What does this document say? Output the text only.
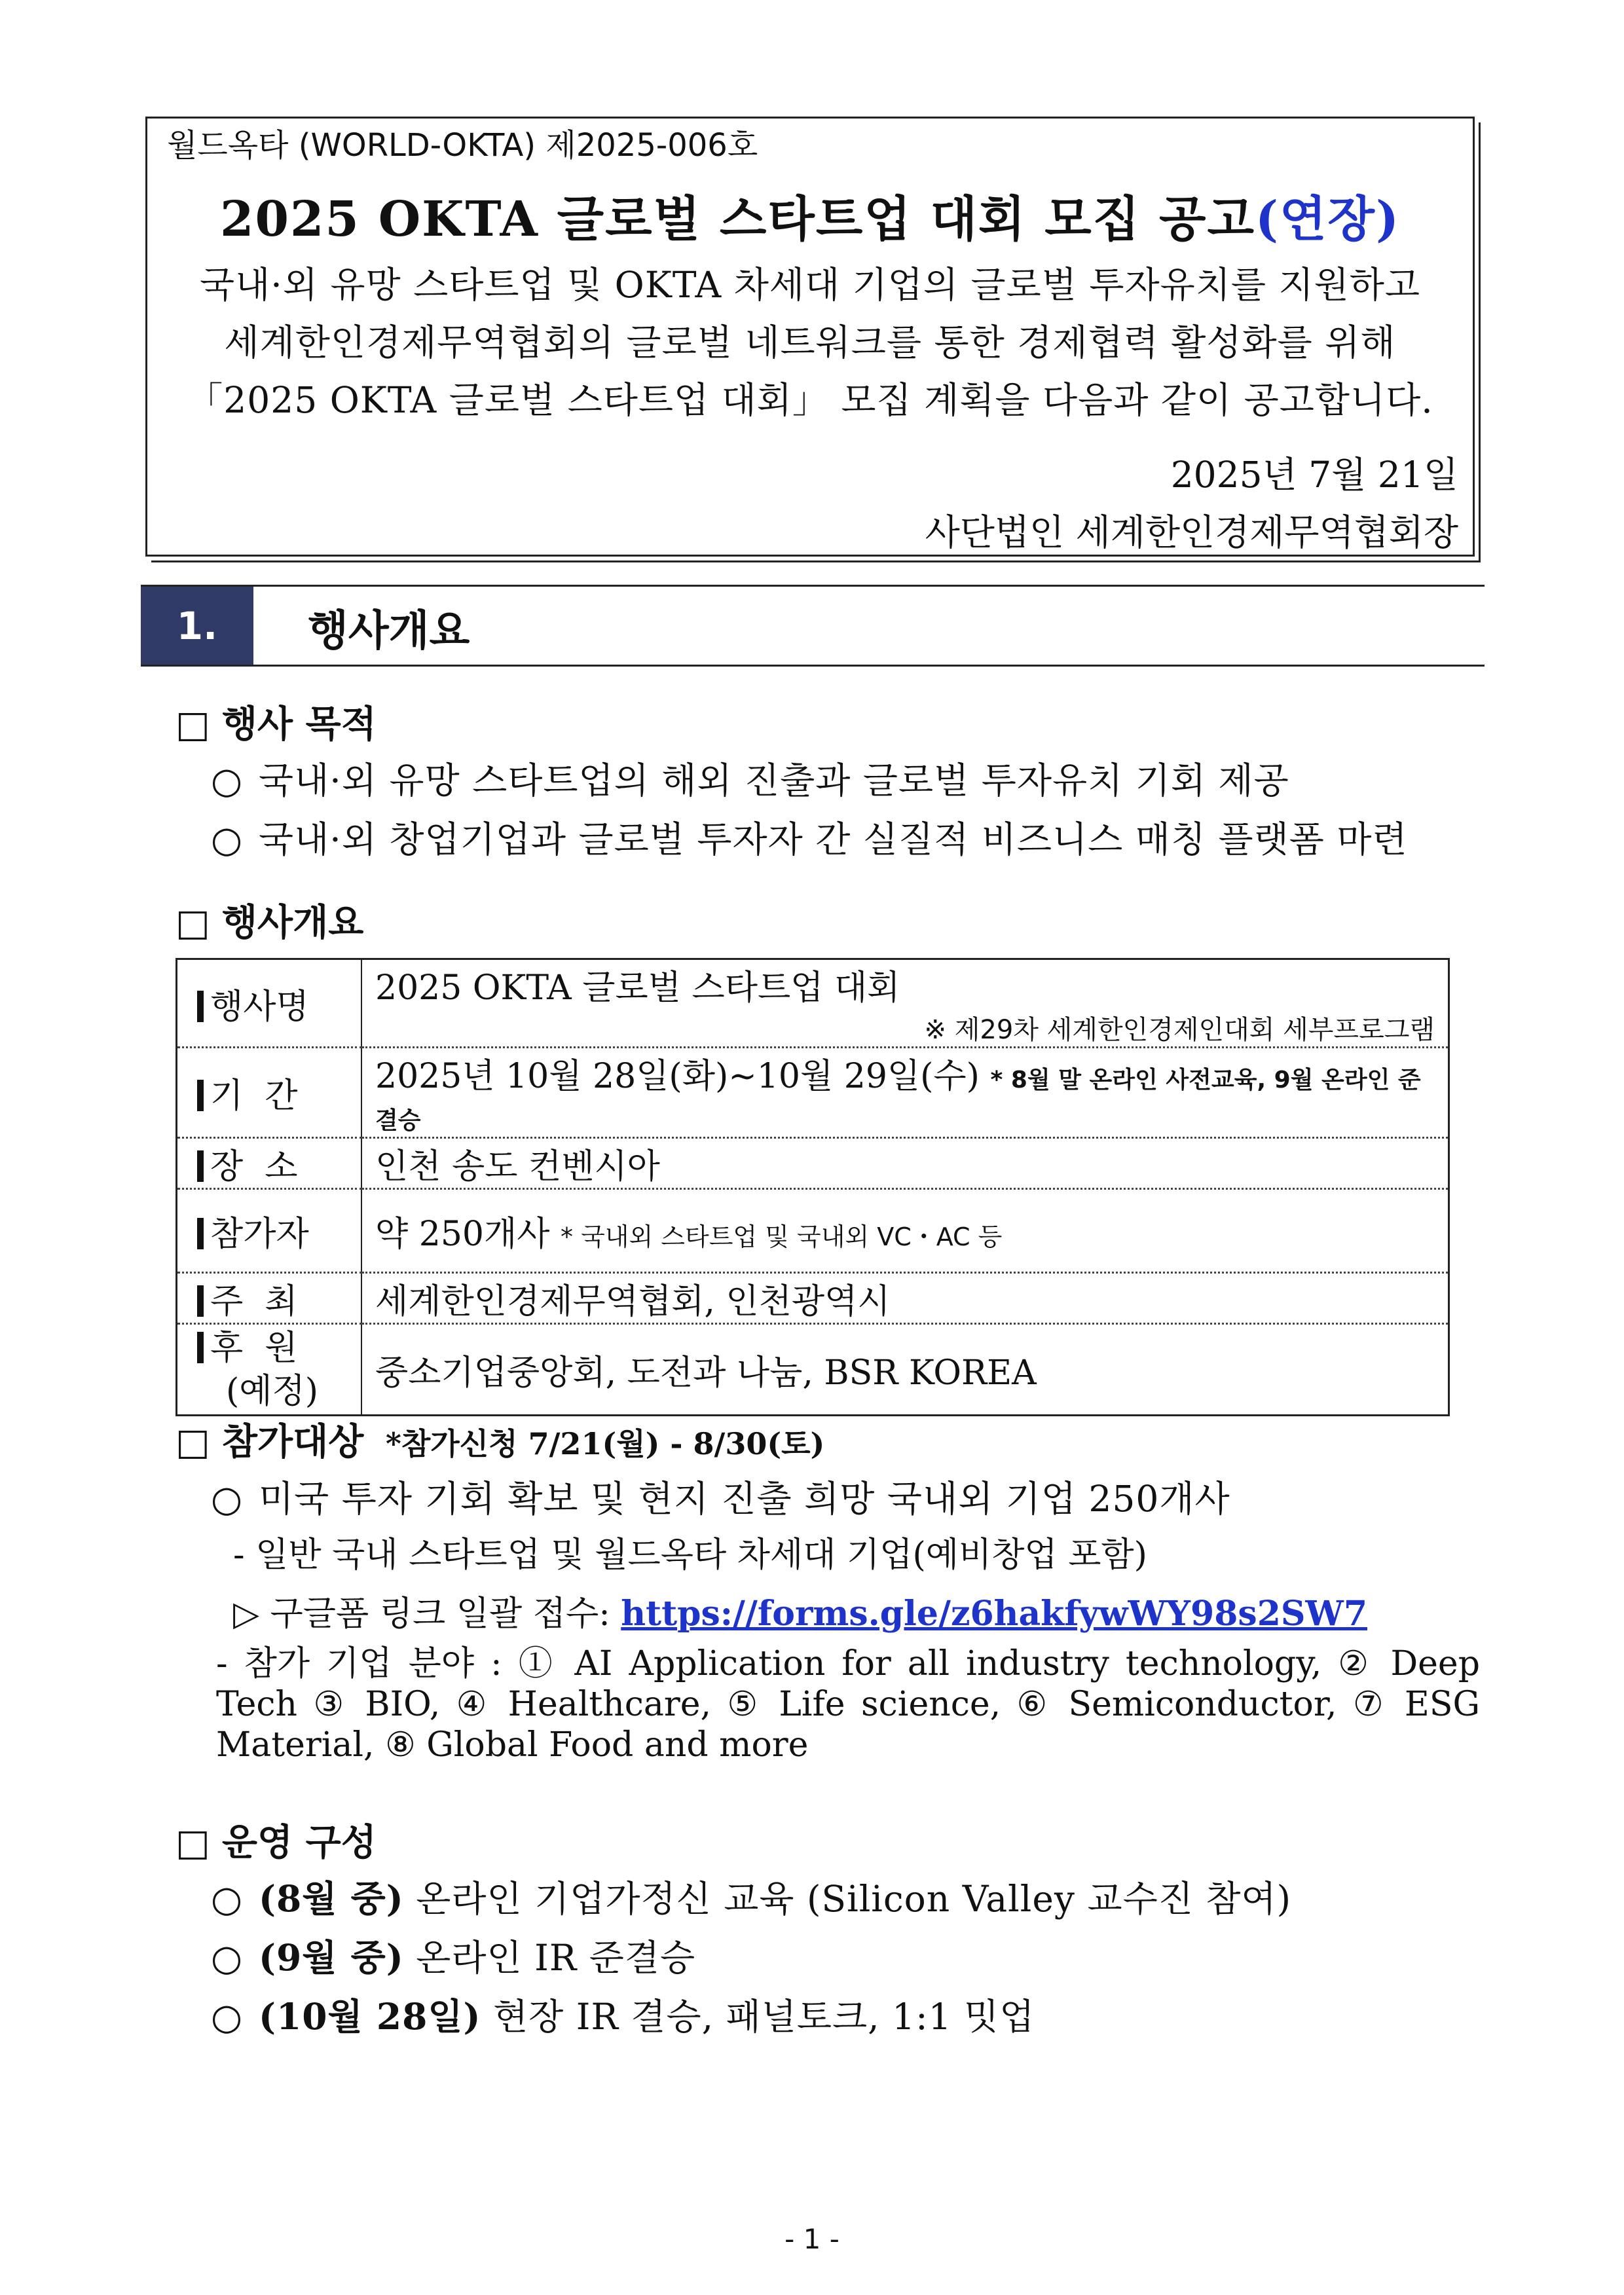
월드옥타 (WORLD-OKTA) 제2025-006호
2025 OKTA 글로벌 스타트업 대회 모집 공고(연장)
국내·외 유망 스타트업 및 OKTA 차세대 기업의 글로벌 투자유치를 지원하고
세계한인경제무역협회의 글로벌 네트워크를 통한 경제협력 활성화를 위해
「2025 OKTA 글로벌 스타트업 대회」 모집 계획을 다음과 같이 공고합니다.
2025년 7월 21일
사단법인 세계한인경제무역협회장
1.	행사개요
□ 행사 목적
○ 국내·외 유망 스타트업의 해외 진출과 글로벌 투자유치 기회 제공
○ 국내·외 창업기업과 글로벌 투자자 간 실질적 비즈니스 매칭 플랫폼 마련
□ 행사개요
행사명	2025 OKTA 글로벌 스타트업 대회
※ 제29차 세계한인경제인대회 세부프로그램

기  간	2025년 10월 28일(화)~10월 29일(수) * 8월 말 온라인 사전교육, 9월 온라인 준결승
장  소	인천 송도 컨벤시아
참가자	약 250개사 * 국내외 스타트업 및 국내외 VC・AC 등
주  최	세계한인경제무역협회, 인천광역시
후  원
(예정)	중소기업중앙회, 도전과 나눔, BSR KOREA
□ 참가대상 *참가신청 7/21(월) - 8/30(토)
○ 미국 투자 기회 확보 및 현지 진출 희망 국내외 기업 250개사
- 일반 국내 스타트업 및 월드옥타 차세대 기업(예비창업 포함)
▷ 구글폼 링크 일괄 접수: https://forms.gle/z6hakfywWY98s2SW7
- 참가 기업 분야 : ① AI Application for all industry technology, ② Deep Tech ③ BIO, ④ Healthcare, ⑤ Life science, ⑥ Semiconductor, ⑦ ESG Material, ⑧ Global Food and more
□ 운영 구성
○ (8월 중) 온라인 기업가정신 교육 (Silicon Valley 교수진 참여)
○ (9월 중) 온라인 IR 준결승
○ (10월 28일) 현장 IR 결승, 패널토크, 1:1 밋업
- 1 -
